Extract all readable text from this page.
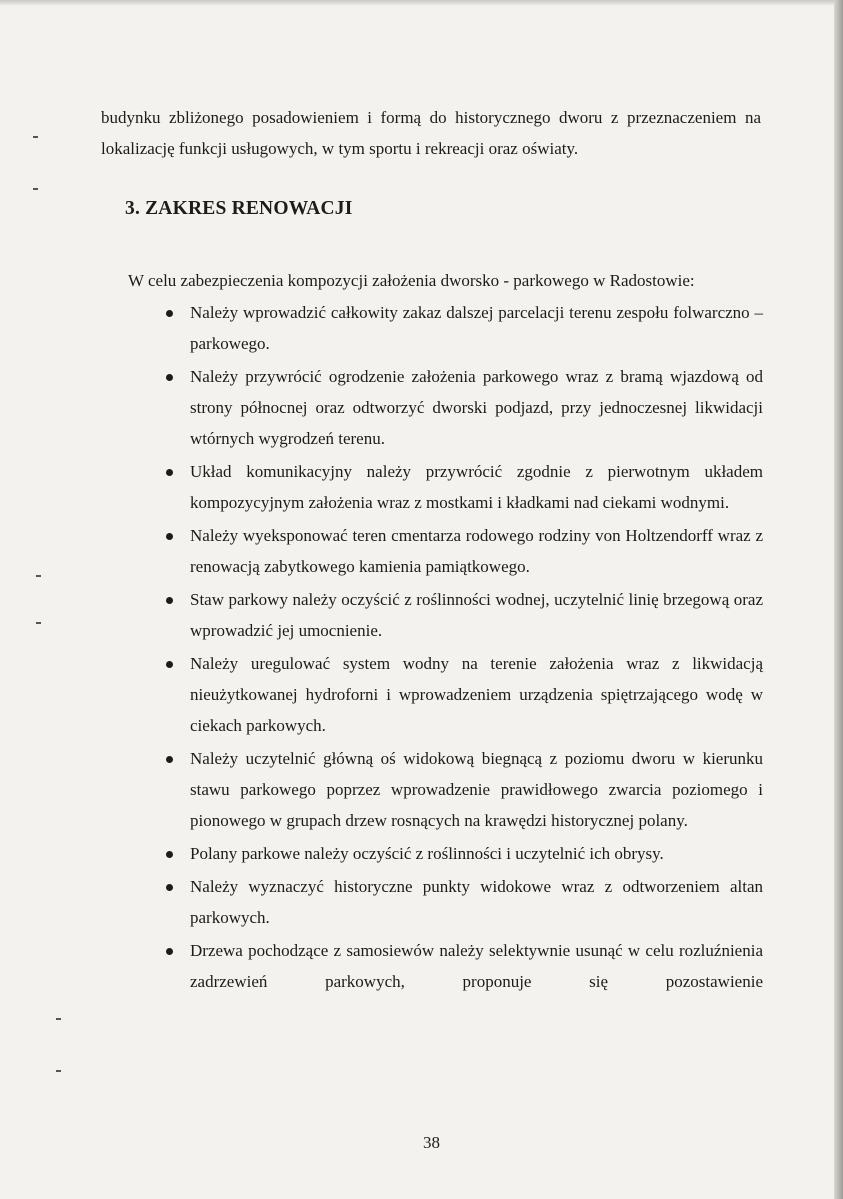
budynku zbliżonego posadowieniem i formą do historycznego dworu z przeznaczeniem na lokalizację funkcji usługowych, w tym sportu i rekreacji oraz oświaty.

3. ZAKRES RENOWACJI

W celu zabezpieczenia kompozycji założenia dworsko - parkowego w Radostowie:

Należy wprowadzić całkowity zakaz dalszej parcelacji terenu zespołu folwarczno – parkowego.
Należy przywrócić ogrodzenie założenia parkowego wraz z bramą wjazdową od strony północnej oraz odtworzyć dworski podjazd, przy jednoczesnej likwidacji wtórnych wygrodzeń terenu.
Układ komunikacyjny należy przywrócić zgodnie z pierwotnym układem kompozycyjnym założenia wraz z mostkami i kładkami nad ciekami wodnymi.
Należy wyeksponować teren cmentarza rodowego rodziny von Holtzendorff wraz z renowacją zabytkowego kamienia pamiątkowego.
Staw parkowy należy oczyścić z roślinności wodnej, uczytelnić linię brzegową oraz wprowadzić jej umocnienie.
Należy uregulować system wodny na terenie założenia wraz z likwidacją nieużytkowanej hydroforni i wprowadzeniem urządzenia spiętrzającego wodę w ciekach parkowych.
Należy uczytelnić główną oś widokową biegnącą z poziomu dworu w kierunku stawu parkowego poprzez wprowadzenie prawidłowego zwarcia poziomego i pionowego w grupach drzew rosnących na krawędzi historycznej polany.
Polany parkowe należy oczyścić z roślinności i uczytelnić ich obrysy.
Należy wyznaczyć historyczne punkty widokowe wraz z odtworzeniem altan parkowych.
Drzewa pochodzące z samosiewów należy selektywnie usunąć w celu rozluźnienia zadrzewień parkowych, proponuje się pozostawienie

38
